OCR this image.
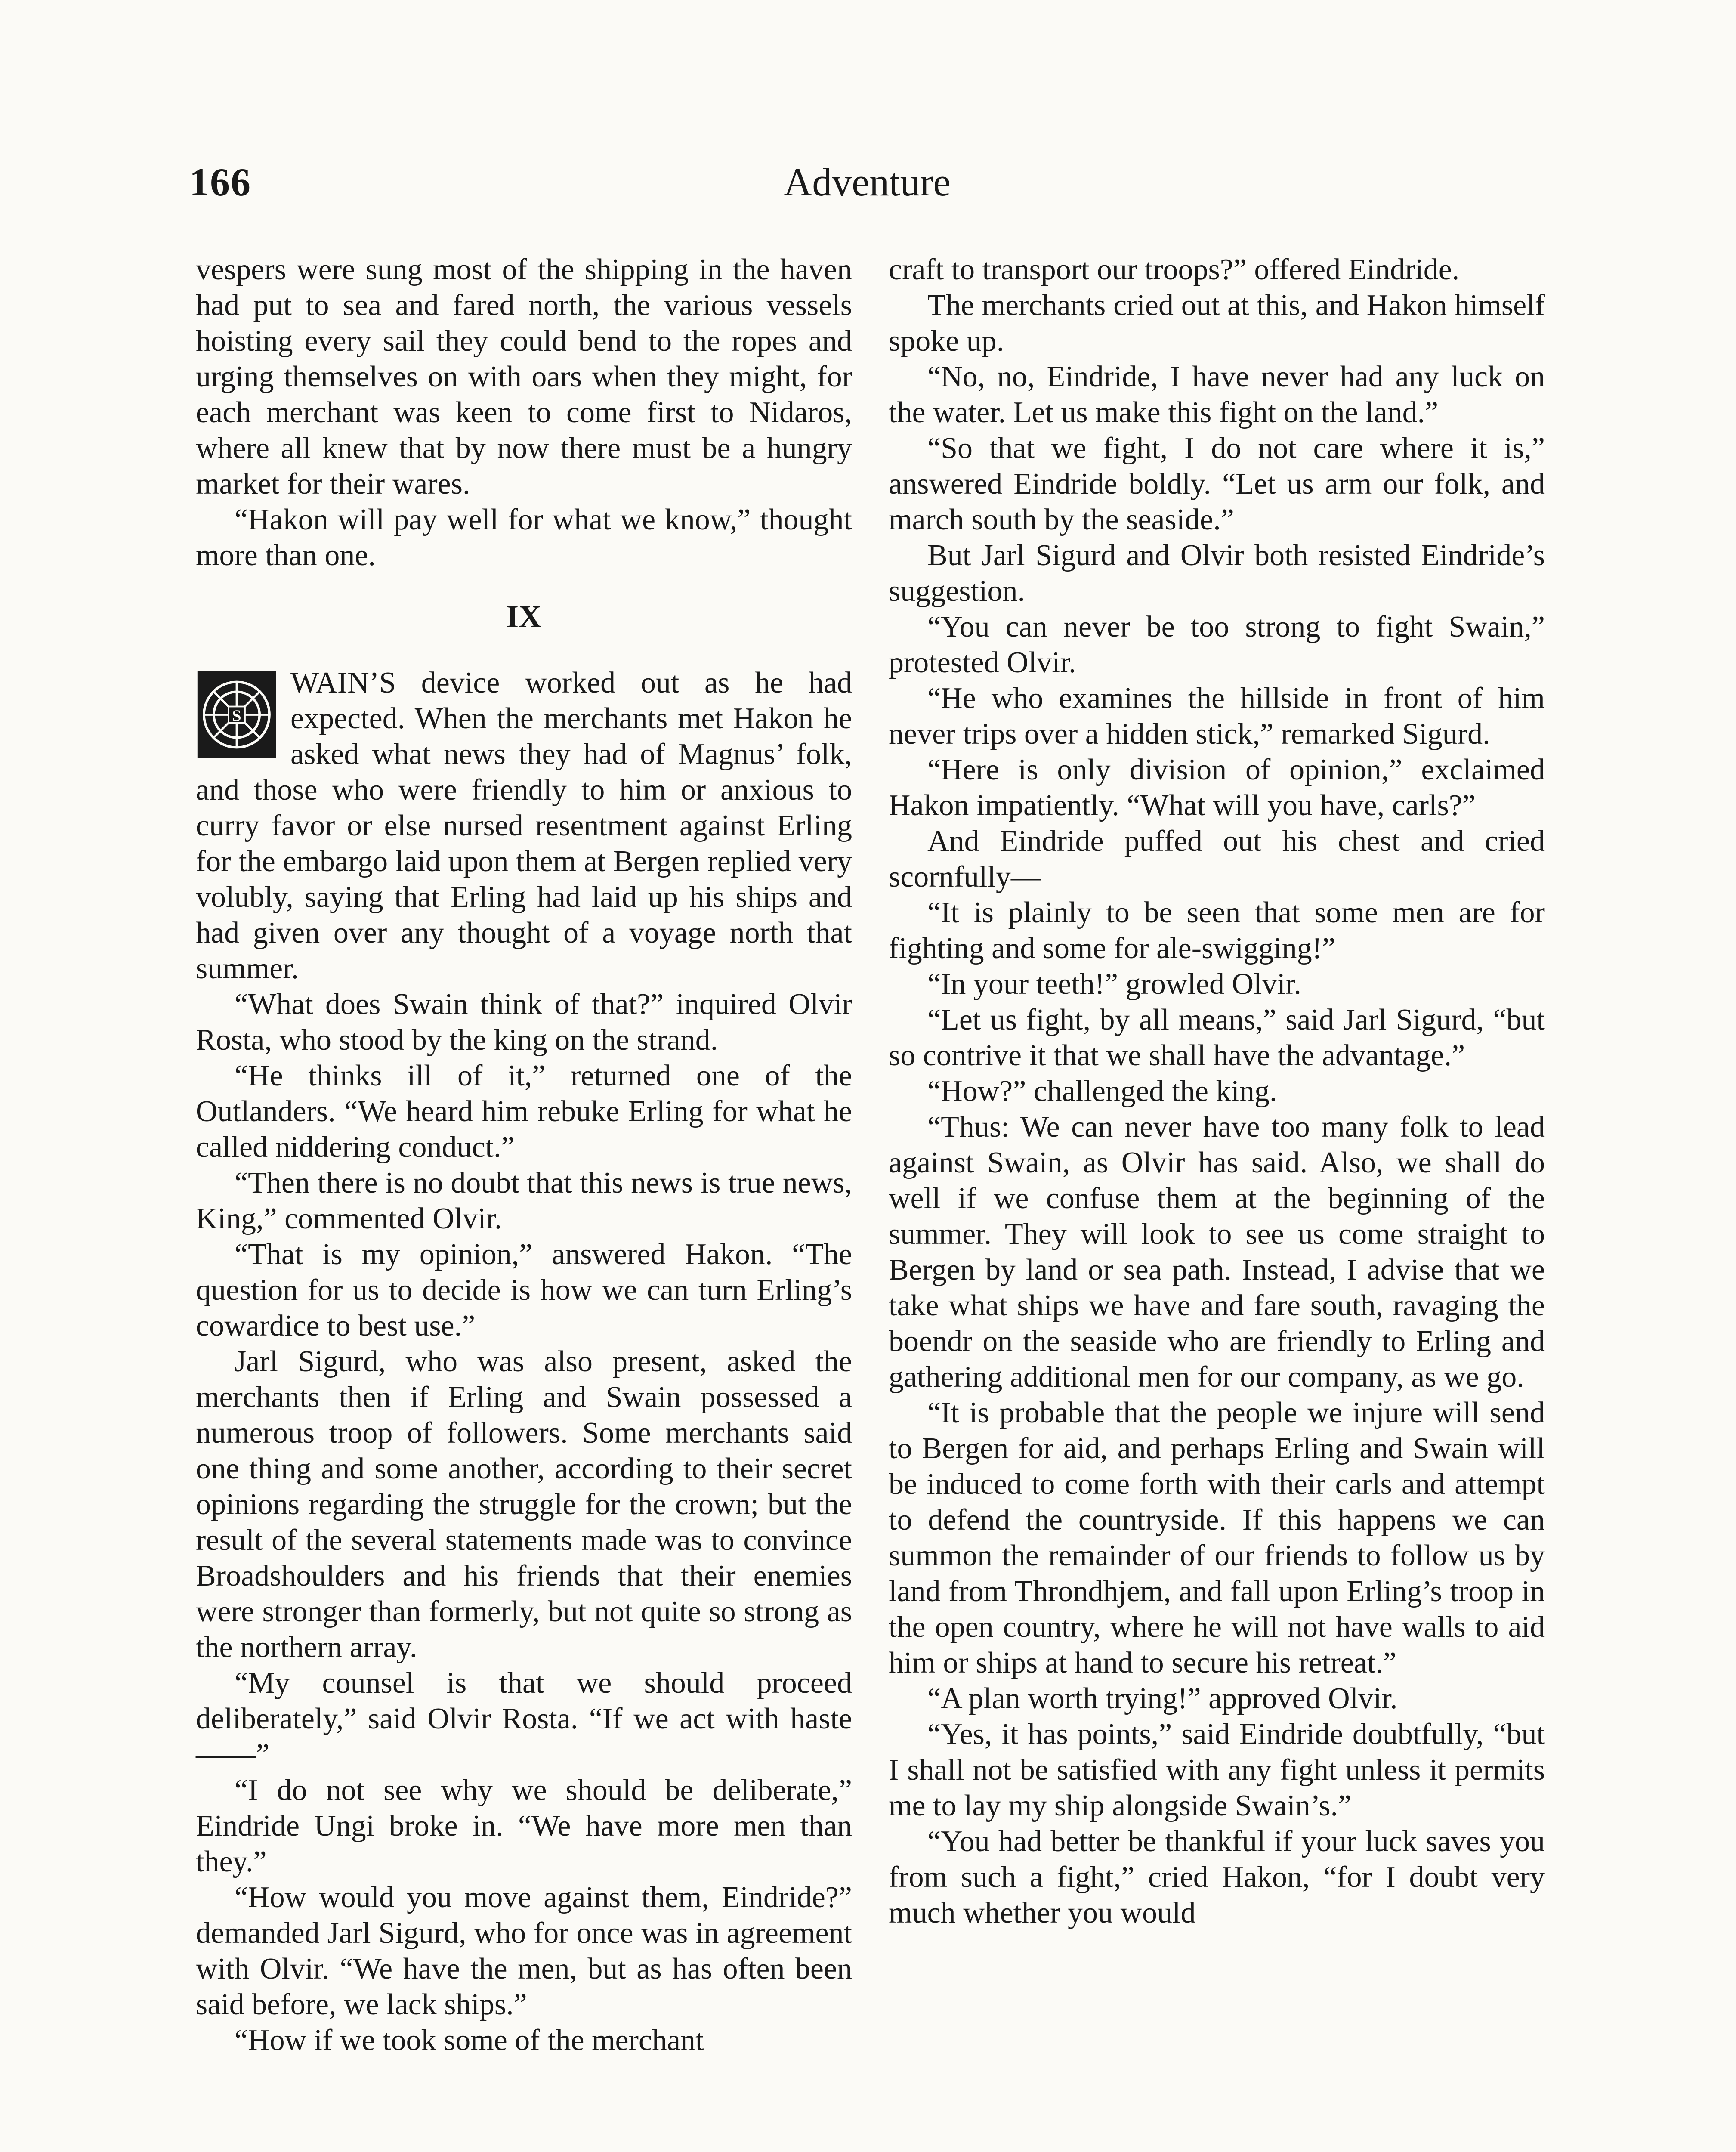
166	Adventure

vespers were sung most of the shipping in the haven had put to sea and fared north, the various vessels hoisting every sail they could bend to the ropes and urging themselves on with oars when they might, for each merchant was keen to come first to Nidaros, where all knew that by now there must be a hungry market for their wares.

“Hakon will pay well for what we know,” thought more than one.

IX

S
WAIN’S device worked out as he had expected. When the merchants met Hakon he asked what news they had of Magnus’ folk, and those who were friendly to him or anxious to curry favor or else nursed resentment against Erling for the embargo laid upon them at Bergen replied very volubly, saying that Erling had laid up his ships and had given over any thought of a voyage north that summer.

“What does Swain think of that?” inquired Olvir Rosta, who stood by the king on the strand.

“He thinks ill of it,” returned one of the Outlanders. “We heard him rebuke Erling for what he called niddering conduct.”

“Then there is no doubt that this news is true news, King,” commented Olvir.

“That is my opinion,” answered Hakon. “The question for us to decide is how we can turn Erling’s cowardice to best use.”

Jarl Sigurd, who was also present, asked the merchants then if Erling and Swain possessed a numerous troop of followers. Some merchants said one thing and some another, according to their secret opinions regarding the struggle for the crown; but the result of the several statements made was to convince Broadshoulders and his friends that their enemies were stronger than formerly, but not quite so strong as the northern array.

“My counsel is that we should proceed deliberately,” said Olvir Rosta. “If we act with haste——”

“I do not see why we should be deliberate,” Eindride Ungi broke in. “We have more men than they.”

“How would you move against them, Eindride?” demanded Jarl Sigurd, who for once was in agreement with Olvir. “We have the men, but as has often been said before, we lack ships.”

“How if we took some of the merchant

craft to transport our troops?” offered Eindride.

The merchants cried out at this, and Hakon himself spoke up.

“No, no, Eindride, I have never had any luck on the water. Let us make this fight on the land.”

“So that we fight, I do not care where it is,” answered Eindride boldly. “Let us arm our folk, and march south by the seaside.”

But Jarl Sigurd and Olvir both resisted Eindride’s suggestion.

“You can never be too strong to fight Swain,” protested Olvir.

“He who examines the hillside in front of him never trips over a hidden stick,” remarked Sigurd.

“Here is only division of opinion,” exclaimed Hakon impatiently. “What will you have, carls?”

And Eindride puffed out his chest and cried scornfully—

“It is plainly to be seen that some men are for fighting and some for ale-swigging!”

“In your teeth!” growled Olvir.

“Let us fight, by all means,” said Jarl Sigurd, “but so contrive it that we shall have the advantage.”

“How?” challenged the king.

“Thus: We can never have too many folk to lead against Swain, as Olvir has said. Also, we shall do well if we confuse them at the beginning of the summer. They will look to see us come straight to Bergen by land or sea path. Instead, I advise that we take what ships we have and fare south, ravaging the boendr on the seaside who are friendly to Erling and gathering additional men for our company, as we go.

“It is probable that the people we injure will send to Bergen for aid, and perhaps Erling and Swain will be induced to come forth with their carls and attempt to defend the countryside. If this happens we can summon the remainder of our friends to follow us by land from Throndhjem, and fall upon Erling’s troop in the open country, where he will not have walls to aid him or ships at hand to secure his retreat.”

“A plan worth trying!” approved Olvir.

“Yes, it has points,” said Eindride doubtfully, “but I shall not be satisfied with any fight unless it permits me to lay my ship alongside Swain’s.”

“You had better be thankful if your luck saves you from such a fight,” cried Hakon, “for I doubt very much whether you would
